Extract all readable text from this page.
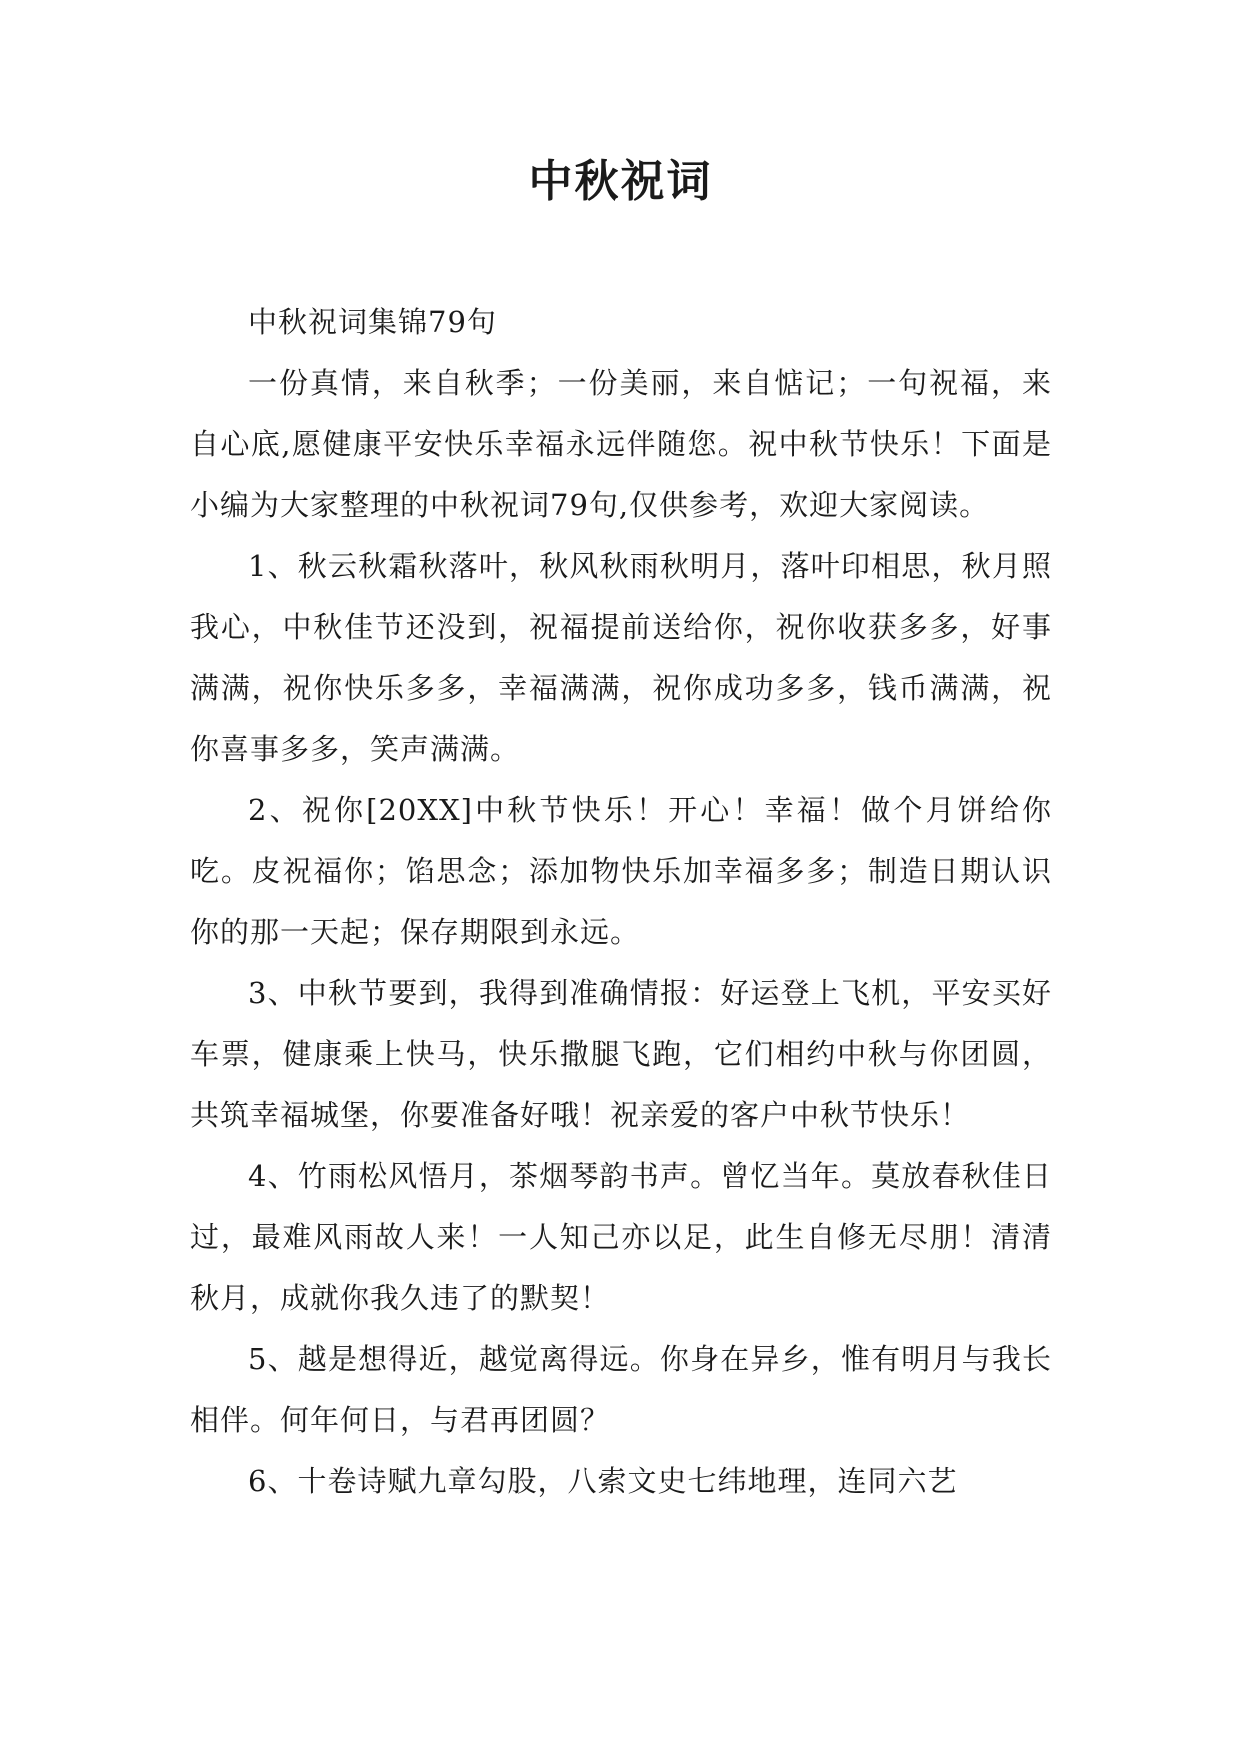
中秋祝词

中秋祝词集锦79句

一份真情，来自秋季；一份美丽，来自惦记；一句祝福，来自心底,愿健康平安快乐幸福永远伴随您。祝中秋节快乐！下面是小编为大家整理的中秋祝词79句,仅供参考，欢迎大家阅读。

1、秋云秋霜秋落叶，秋风秋雨秋明月，落叶印相思，秋月照我心，中秋佳节还没到，祝福提前送给你，祝你收获多多，好事满满，祝你快乐多多，幸福满满，祝你成功多多，钱币满满，祝你喜事多多，笑声满满。

2、祝你[20XX]中秋节快乐！开心！幸福！做个月饼给你吃。皮祝福你；馅思念；添加物快乐加幸福多多；制造日期认识你的那一天起；保存期限到永远。

3、中秋节要到，我得到准确情报：好运登上飞机，平安买好车票，健康乘上快马，快乐撒腿飞跑，它们相约中秋与你团圆，共筑幸福城堡，你要准备好哦！祝亲爱的客户中秋节快乐！

4、竹雨松风悟月，茶烟琴韵书声。曾忆当年。莫放春秋佳日过，最难风雨故人来！一人知己亦以足，此生自修无尽朋！清清秋月，成就你我久违了的默契！

5、越是想得近，越觉离得远。你身在异乡，惟有明月与我长相伴。何年何日，与君再团圆？

6、十卷诗赋九章勾股，八索文史七纬地理，连同六艺
